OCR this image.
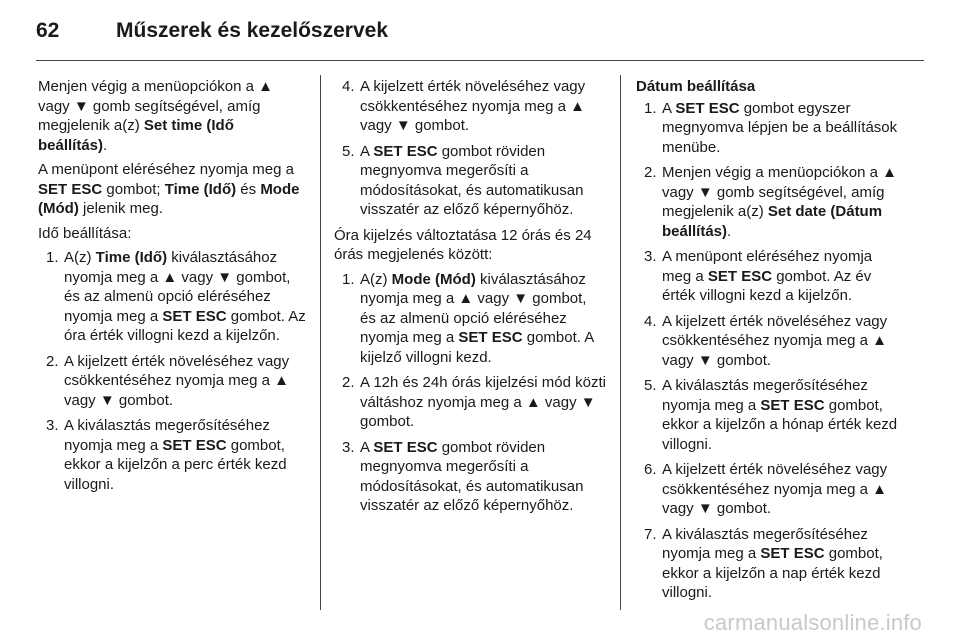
62	Műszerek és kezelőszervek

Menjen végig a menüopciókon a ▲ vagy ▼ gomb segítségével, amíg megjelenik a(z) Set time (Idő beállítás).

A menüpont eléréséhez nyomja meg a SET ESC gombot; Time (Idő) és Mode (Mód) jelenik meg.

Idő beállítása:

1. A(z) Time (Idő) kiválasztásához nyomja meg a ▲ vagy ▼ gombot, és az almenü opció eléréséhez nyomja meg a SET ESC gombot. Az óra érték villogni kezd a kijelzőn.
2. A kijelzett érték növeléséhez vagy csökkentéséhez nyomja meg a ▲ vagy ▼ gombot.
3. A kiválasztás megerősítéséhez nyomja meg a SET ESC gombot, ekkor a kijelzőn a perc érték kezd villogni.
4. A kijelzett érték növeléséhez vagy csökkentéséhez nyomja meg a ▲ vagy ▼ gombot.
5. A SET ESC gombot röviden megnyomva megerősíti a módosításokat, és automatikusan visszatér az előző képernyőhöz.

Óra kijelzés változtatása 12 órás és 24 órás megjelenés között:

1. A(z) Mode (Mód) kiválasztásához nyomja meg a ▲ vagy ▼ gombot, és az almenü opció eléréséhez nyomja meg a SET ESC gombot. A kijelző villogni kezd.
2. A 12h és 24h órás kijelzési mód közti váltáshoz nyomja meg a ▲ vagy ▼ gombot.
3. A SET ESC gombot röviden megnyomva megerősíti a módosításokat, és automatikusan visszatér az előző képernyőhöz.
Dátum beállítása
1. A SET ESC gombot egyszer megnyomva lépjen be a beállítások menübe.
2. Menjen végig a menüopciókon a ▲ vagy ▼ gomb segítségével, amíg megjelenik a(z) Set date (Dátum beállítás).
3. A menüpont eléréséhez nyomja meg a SET ESC gombot. Az év érték villogni kezd a kijelzőn.
4. A kijelzett érték növeléséhez vagy csökkentéséhez nyomja meg a ▲ vagy ▼ gombot.
5. A kiválasztás megerősítéséhez nyomja meg a SET ESC gombot, ekkor a kijelzőn a hónap érték kezd villogni.
6. A kijelzett érték növeléséhez vagy csökkentéséhez nyomja meg a ▲ vagy ▼ gombot.
7. A kiválasztás megerősítéséhez nyomja meg a SET ESC gombot, ekkor a kijelzőn a nap érték kezd villogni.
carmanualsonline.info
